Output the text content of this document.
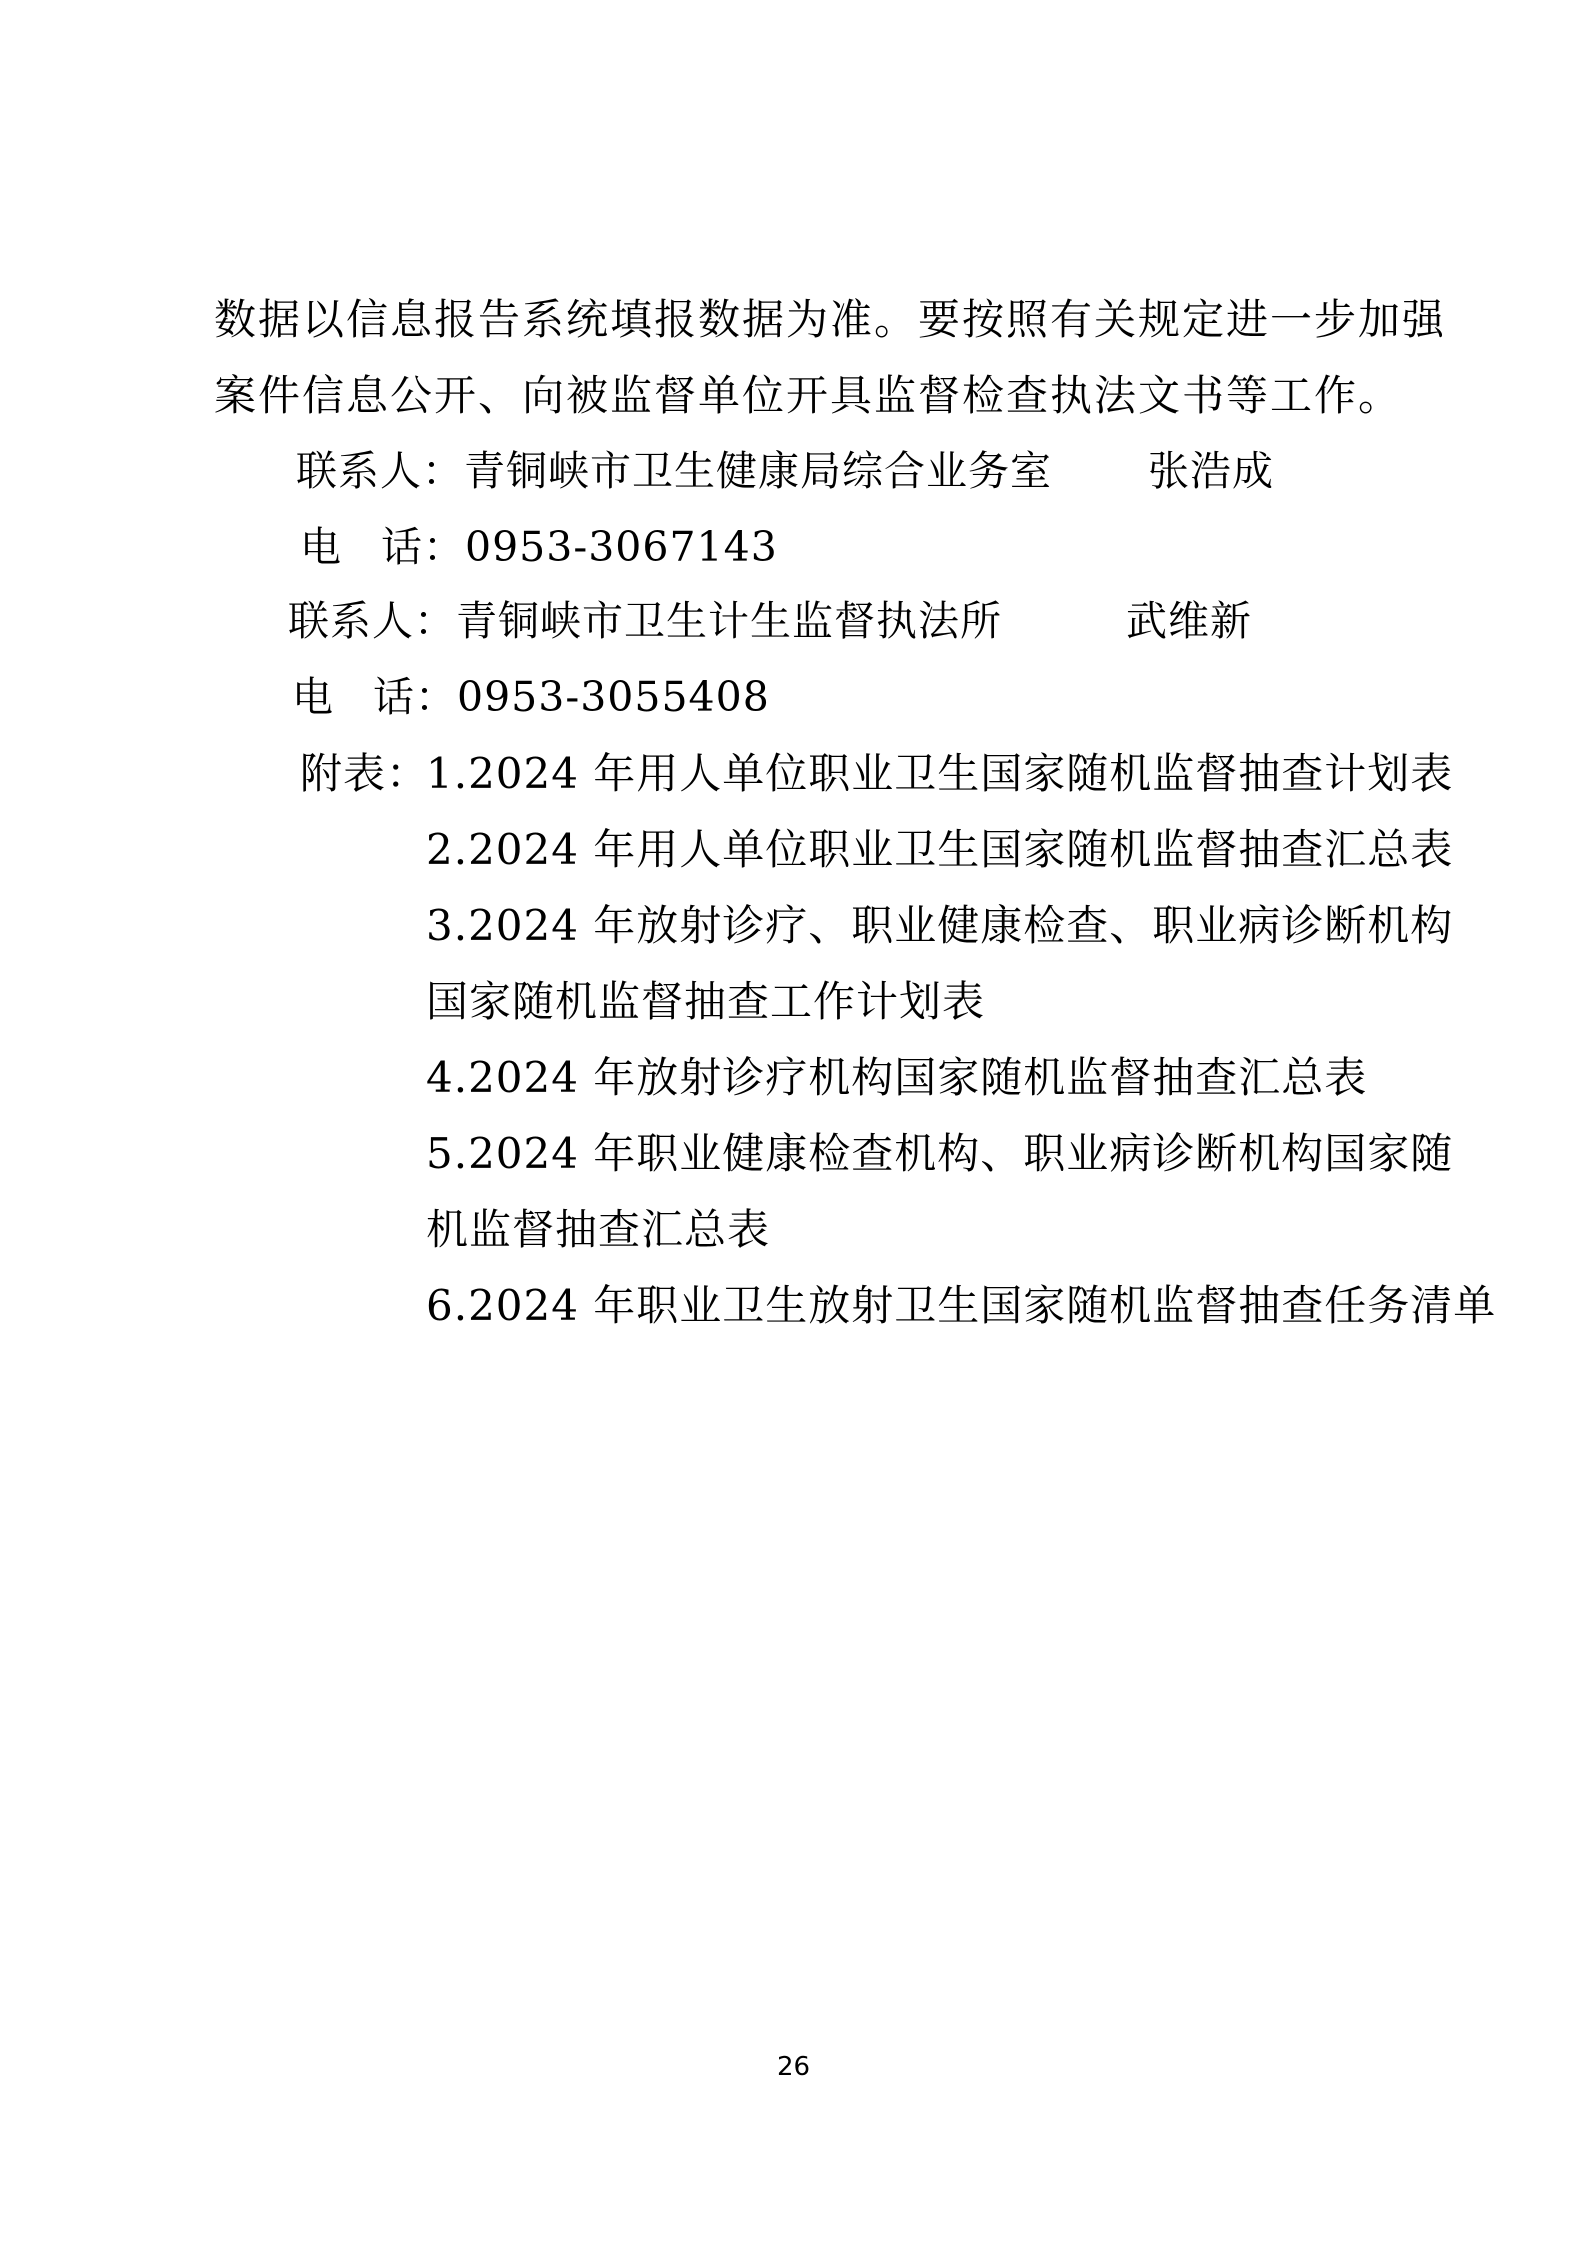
数据以信息报告系统填报数据为准。要按照有关规定进一步加强
案件信息公开、向被监督单位开具监督检查执法文书等工作。
联系人：青铜峡市卫生健康局综合业务室 张浩成
电话：0953-3067143
联系人：青铜峡市卫生计生监督执法所	武维新
电话：0953-3055408
附表：
1.2024 年用人单位职业卫生国家随机监督抽查计划表
2.2024 年用人单位职业卫生国家随机监督抽查汇总表
3.2024 年放射诊疗、职业健康检查、职业病诊断机构
国家随机监督抽查工作计划表
4.2024 年放射诊疗机构国家随机监督抽查汇总表
5.2024 年职业健康检查机构、职业病诊断机构国家随
机监督抽查汇总表
6.2024 年职业卫生放射卫生国家随机监督抽查任务清单
26
